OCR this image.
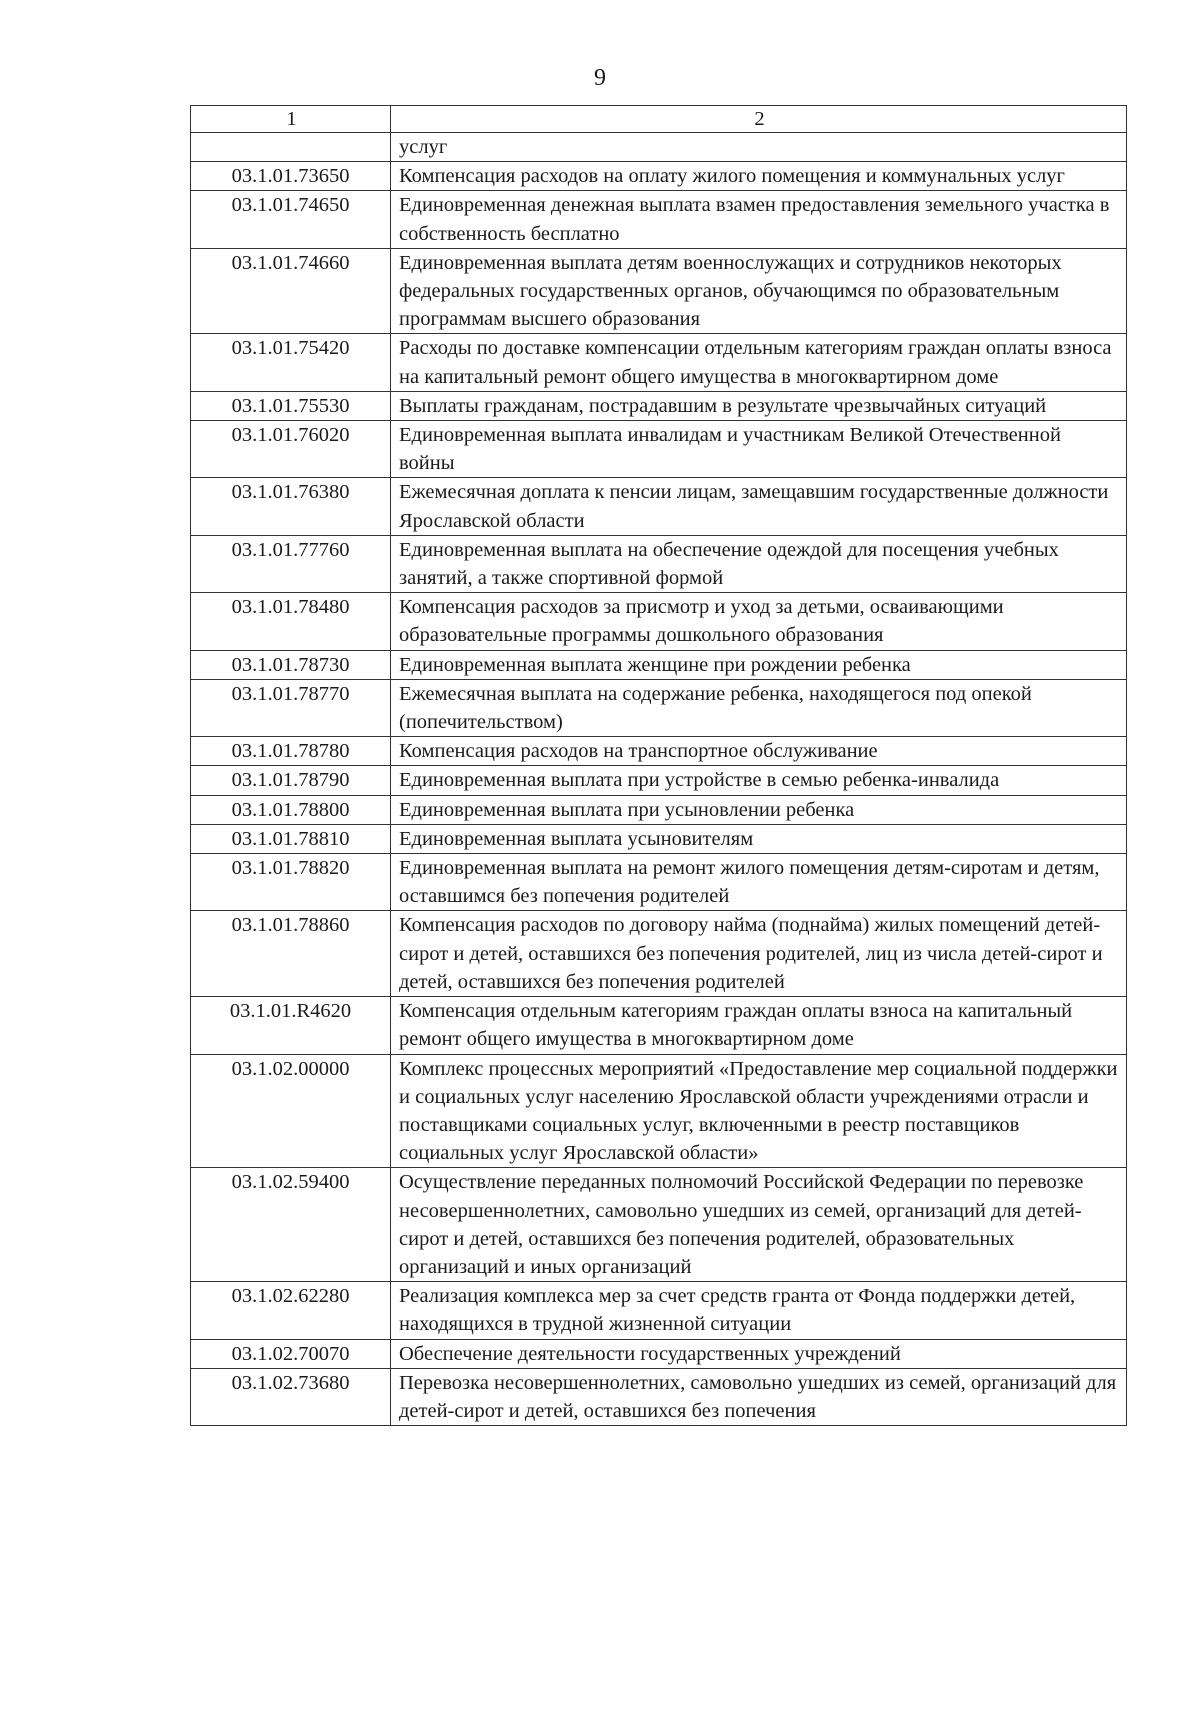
9
1	2
	услуг
03.1.01.73650	Компенсация расходов на оплату жилого помещения и коммунальных услуг
03.1.01.74650	Единовременная денежная выплата взамен предоставления земельного участка в собственность бесплатно
03.1.01.74660	Единовременная выплата детям военнослужащих и сотрудников некоторых федеральных государственных органов, обучающимся по образовательным программам высшего образования
03.1.01.75420	Расходы по доставке компенсации отдельным категориям граждан оплаты взноса на капитальный ремонт общего имущества в многоквартирном доме
03.1.01.75530	Выплаты гражданам, пострадавшим в результате чрезвычайных ситуаций
03.1.01.76020	Единовременная выплата инвалидам и участникам Великой Отечественной войны
03.1.01.76380	Ежемесячная доплата к пенсии лицам, замещавшим государственные должности Ярославской области
03.1.01.77760	Единовременная выплата на обеспечение одеждой для посещения учебных занятий, а также спортивной формой
03.1.01.78480	Компенсация расходов за присмотр и уход за детьми, осваивающими образовательные программы дошкольного образования
03.1.01.78730	Единовременная выплата женщине при рождении ребенка
03.1.01.78770	Ежемесячная выплата на содержание ребенка, находящегося под опекой (попечительством)
03.1.01.78780	Компенсация расходов на транспортное обслуживание
03.1.01.78790	Единовременная выплата при устройстве в семью ребенка-инвалида
03.1.01.78800	Единовременная выплата при усыновлении ребенка
03.1.01.78810	Единовременная выплата усыновителям
03.1.01.78820	Единовременная выплата на ремонт жилого помещения детям-сиротам и детям, оставшимся без попечения родителей
03.1.01.78860	Компенсация расходов по договору найма (поднайма) жилых помещений детей-сирот и детей, оставшихся без попечения родителей, лиц из числа детей-сирот и детей, оставшихся без попечения родителей
03.1.01.R4620	Компенсация отдельным категориям граждан оплаты взноса на капитальный ремонт общего имущества в многоквартирном доме
03.1.02.00000	Комплекс процессных мероприятий «Предоставление мер социальной поддержки и социальных услуг населению Ярославской области учреждениями отрасли и поставщиками социальных услуг, включенными в реестр поставщиков социальных услуг Ярославской области»
03.1.02.59400	Осуществление переданных полномочий Российской Федерации по перевозке несовершеннолетних, самовольно ушедших из семей, организаций для детей-сирот и детей, оставшихся без попечения родителей, образовательных организаций и иных организаций
03.1.02.62280	Реализация комплекса мер за счет средств гранта от Фонда поддержки детей, находящихся в трудной жизненной ситуации
03.1.02.70070	Обеспечение деятельности государственных учреждений
03.1.02.73680	Перевозка несовершеннолетних, самовольно ушедших из семей, организаций для детей-сирот и детей, оставшихся без попечения
